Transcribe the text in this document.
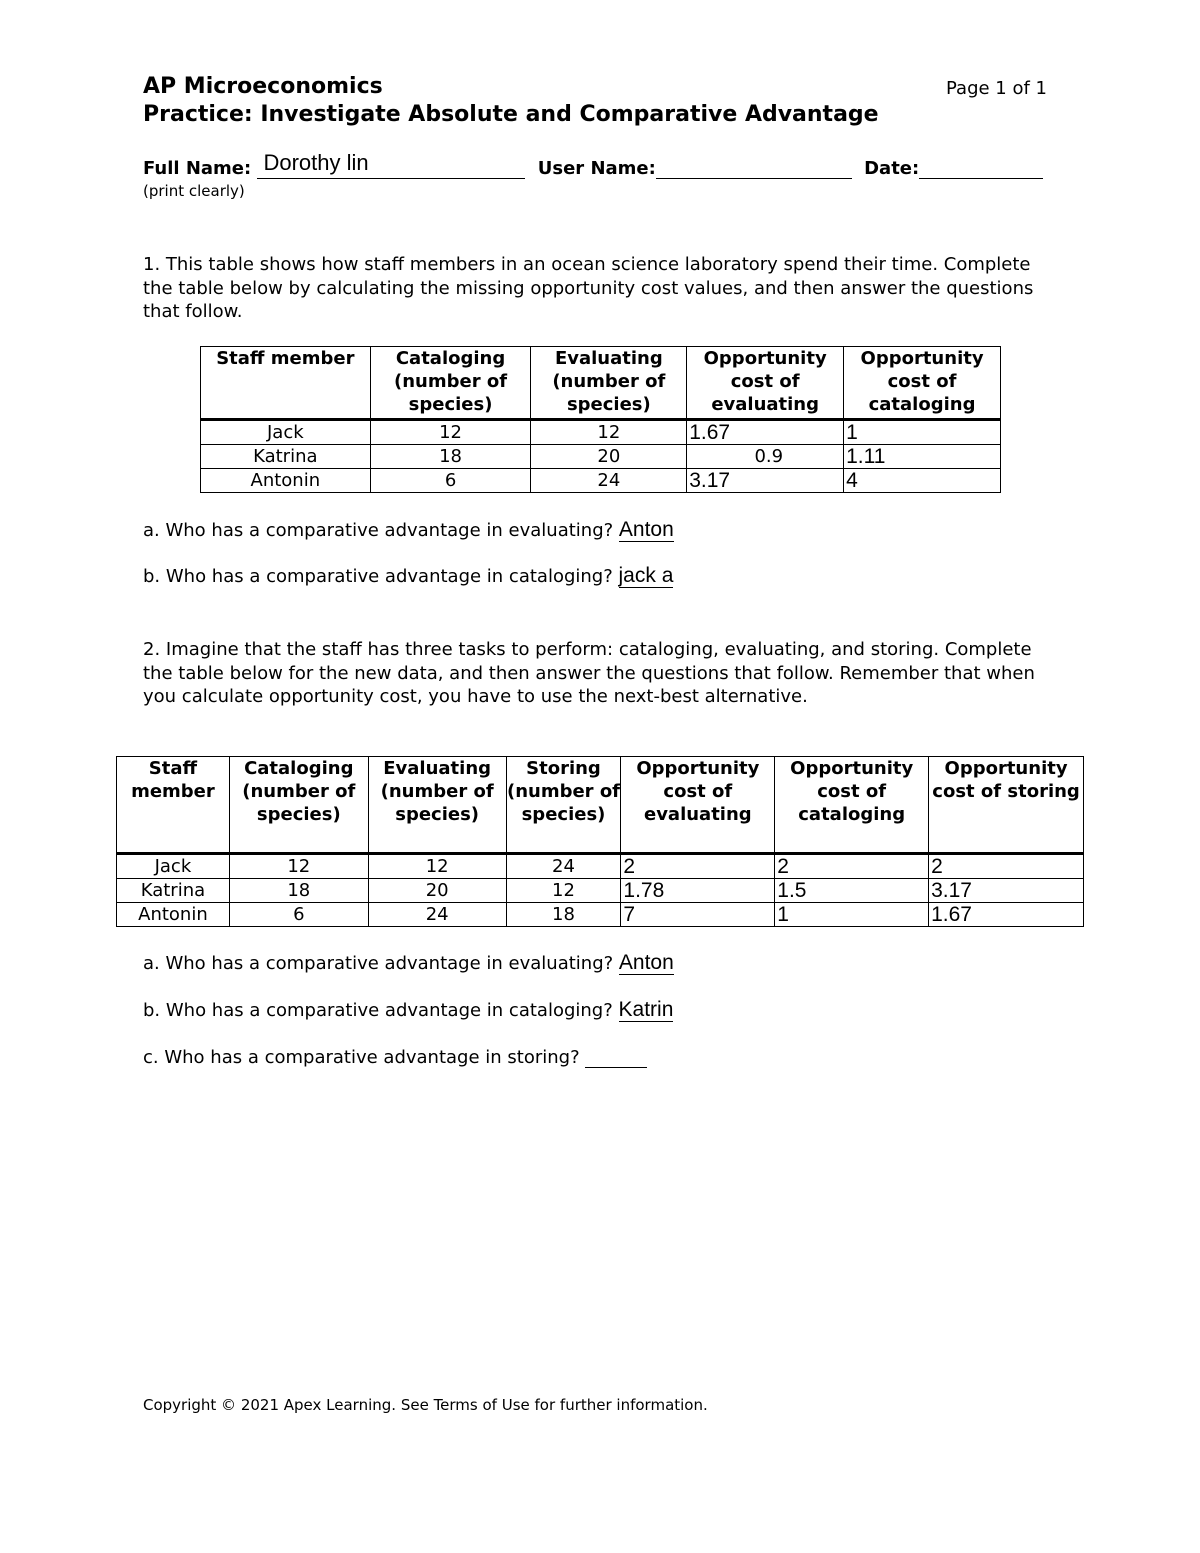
AP Microeconomics
Practice: Investigate Absolute and Comparative Advantage
Page 1 of 1
Full Name: Dorothy lin	User Name:	Date:
(print clearly)
1. This table shows how staff members in an ocean science laboratory spend their time. Complete the table below by calculating the missing opportunity cost values, and then answer the questions that follow.
Staff member	Cataloging (number of species)	Evaluating (number of species)	Opportunity cost of evaluating	Opportunity cost of cataloging
Jack	12	12	1.67	1
Katrina	18	20	0.9	1.11
Antonin	6	24	3.17	4
a. Who has a comparative advantage in evaluating? Anton
b. Who has a comparative advantage in cataloging? jack a
2. Imagine that the staff has three tasks to perform: cataloging, evaluating, and storing. Complete the table below for the new data, and then answer the questions that follow. Remember that when you calculate opportunity cost, you have to use the next-best alternative.
Staff member	Cataloging (number of species)	Evaluating (number of species)	Storing (number of species)	Opportunity cost of evaluating	Opportunity cost of cataloging	Opportunity cost of storing
Jack	12	12	24	2	2	2
Katrina	18	20	12	1.78	1.5	3.17
Antonin	6	24	18	7	1	1.67
a. Who has a comparative advantage in evaluating? Anton
b. Who has a comparative advantage in cataloging? Katrin
c. Who has a comparative advantage in storing?
Copyright © 2021 Apex Learning. See Terms of Use for further information.
